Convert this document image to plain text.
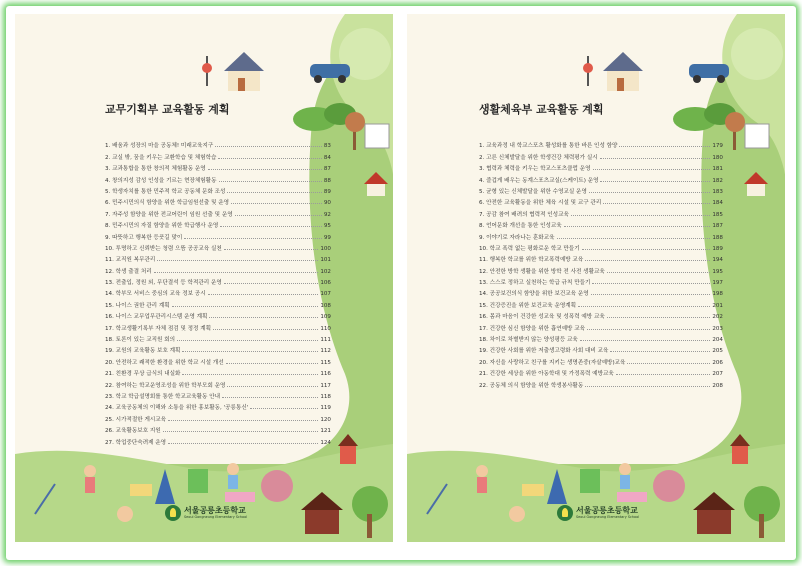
교무기획부 교육활동 계획
1. 배움과 성장의 마을 공동체! 미래교육지구	83
2. 교실 밖, 꿈을 키우는 교환학습 및 체험학습	84
3. 교과통합을 통한 창의적 체험활동 운영	87
4. 창의지성 감성 인성을 기르는 현장체험활동	88
5. 학생자치를 통한 민주적 학교 공동체 문화 조성	89
6. 민주시민의식 함양을 위한 학급임원선출 및 운영	90
7. 자주성 함양을 위한 전교어린이 임원 선출 및 운영	92
8. 민주시민의 자질 함양을 위한 학급행사 운영	95
9. 따뜻하고 행복한 등굣길 맞이	99
10. 투명하고 신뢰받는 청렴 으뜸 공공교육 실천	100
11. 교직원 복무관리	101
12. 학생 출결 처리	102
13. 전출입, 정원 외, 무단결석 등 학적관리 운영	106
14. 학부모 서비스 중심의 교육 정보 공시	107
15. 나이스 권한 관리 계획	108
16. 나이스 교무업무관리시스템 운영 계획	109
17. 학교생활기록부 자체 점검 및 정정 계획	110
18. 토론이 있는 교직원 회의	111
19. 교원의 교육활동 보호 계획	112
20. 안전하고 쾌적한 환경을 위한 학교 시설 개선	115
21. 친환경 무상 급식의 내실화	116
22. 참여하는 학교운영조성을 위한 학부모회 운영	117
23. 학교 학급설명회를 통한 학교교육활동 안내	118
24. 교육공동체의 이해와 소통을 위한 홍보활동, '공릉통신'	119
25. 시가적절한 게시교육	120
26. 교육활동보호 지원	121
27. 학업중단숙려제 운영	124
서울공릉초등학교
Seoul Gongneung Elementary School
생활체육부 교육활동 계획
1. 교육과정 내 학교스포츠 활성화를 통한 바른 인성 함양	179
2. 고른 신체발달을 위한 학생건강 체력평가 실시	180
3. 협력과 체력을 키우는 학교스포츠클럽 운영	181
4. 즐겁게 배우는 동계스포츠교실(스케이트) 운영	182
5. 균형 있는 신체발달을 위한 수영교실 운영	183
6. 안전한 교육활동을 위한 체육 시설 및 교구 관리	184
7. 공감 참여 배려의 협력적 인성교육	185
8. 언어문화 개선을 통한 인성교육	187
9. 이야기로 자라나는 훈화교육	188
10. 학교 폭력 없는 평화로운 학교 만들기	189
11. 행복한 학교를 위한 학교폭력예방 교육	194
12. 안전한 방학 생활을 위한 방학 전 사전 생활교육	195
13. 스스로 정하고 실천하는 학급 규칙 만들기	197
14. 공공보건의식 함양을 위한 보건교육 운영	198
15. 건강증진을 위한 보건교육 운영계획	201
16. 몸과 마음이 건강한 성교육 및 성폭력 예방 교육	202
17. 건강한 심신 함양을 위한 흡연예방 교육	203
18. 차이로 차별받지 않는 양성평등 교육	204
19. 건강한 사회를 위한 저출생고령화 사회 대비 교육	205
20. 자신을 사랑하고 친구를 지키는 생명존중(자살예방)교육	206
21. 건강한 세상을 위한 아동학대 및 가정폭력 예방교육	207
22. 공동체 의식 함양을 위한 학생봉사활동	208
서울공릉초등학교
Seoul Gongneung Elementary School
